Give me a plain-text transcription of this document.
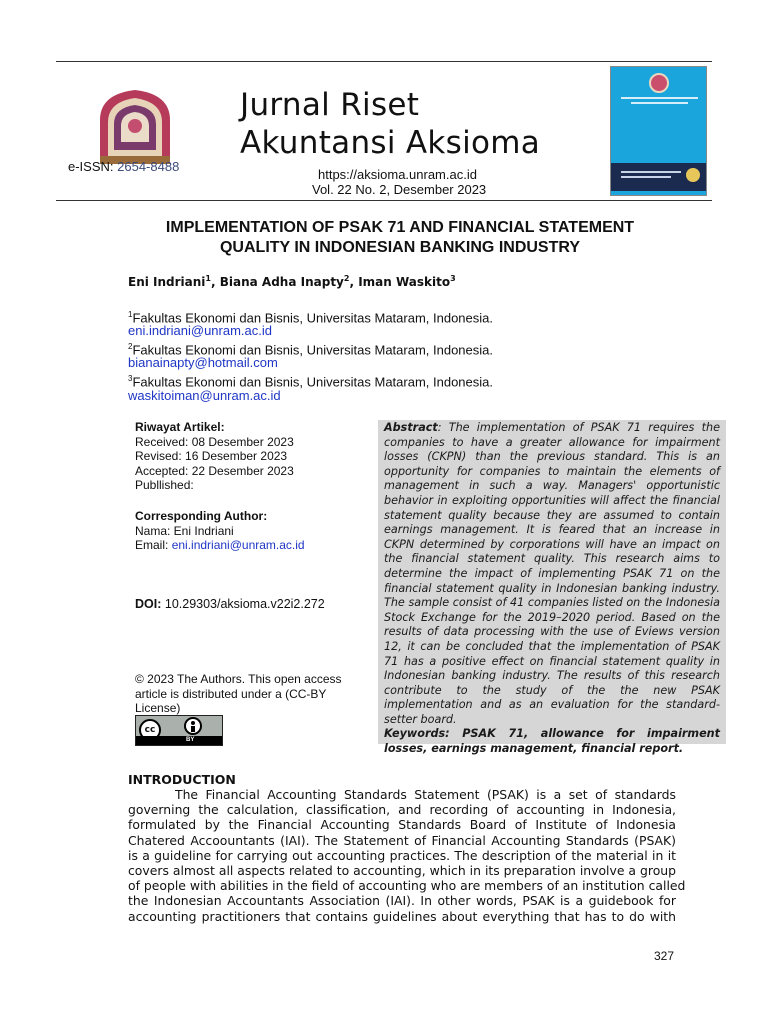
e-ISSN: 2654-8488
Jurnal Riset
Akuntansi Aksioma
https://aksioma.unram.ac.id
Vol. 22 No. 2, Desember 2023
IMPLEMENTATION OF PSAK 71 AND FINANCIAL STATEMENT
QUALITY IN INDONESIAN BANKING INDUSTRY
Eni Indriani$^1$, Biana Adha Inapty$^2$, Iman Waskito$^3$
$^1$Fakultas Ekonomi dan Bisnis, Universitas Mataram, Indonesia.
eni.indriani@unram.ac.id
$^2$Fakultas Ekonomi dan Bisnis, Universitas Mataram, Indonesia.
bianainapty@hotmail.com
$^3$Fakultas Ekonomi dan Bisnis, Universitas Mataram, Indonesia.
waskitoiman@unram.ac.id
Riwayat Artikel:
Received: 08 Desember 2023
Revised: 16 Desember 2023
Accepted: 22 Desember 2023
Publlished:
Corresponding Author:
Nama: Eni Indriani
Email: eni.indriani@unram.ac.id
DOI: 10.29303/aksioma.v22i2.272
© 2023 The Authors. This open access
article is distributed under a (CC-BY
License)
cc
BY
Abstract: The implementation of PSAK 71 requires the companies to have a greater allowance for impairment losses (CKPN) than the previous standard. This is an opportunity for companies to maintain the elements of management in such a way. Managers' opportunistic behavior in exploiting opportunities will affect the financial statement quality because they are assumed to contain earnings management. It is feared that an increase in CKPN determined by corporations will have an impact on the financial statement quality. This research aims to determine the impact of implementing PSAK 71 on the financial statement quality in Indonesian banking industry. The sample consist of 41 companies listed on the Indonesia Stock Exchange for the 2019–2020 period. Based on the results of data processing with the use of Eviews version 12, it can be concluded that the implementation of PSAK 71 has a positive effect on financial statement quality in Indonesian banking industry. The results of this research contribute to the study of the the new PSAK implementation and as an evaluation for the standard-setter board.
Keywords: PSAK 71, allowance for impairment losses, earnings management, financial report.
INTRODUCTION
The Financial Accounting Standards Statement (PSAK) is a set of standards
governing the calculation, classification, and recording of accounting in Indonesia,
formulated by the Financial Accounting Standards Board of Institute of Indonesia
Chatered Accoountants (IAI). The Statement of Financial Accounting Standards (PSAK)
is a guideline for carrying out accounting practices. The description of the material in it
covers almost all aspects related to accounting, which in its preparation involve a group
of people with abilities in the field of accounting who are members of an institution called
the Indonesian Accountants Association (IAI). In other words, PSAK is a guidebook for
accounting practitioners that contains guidelines about everything that has to do with
327
